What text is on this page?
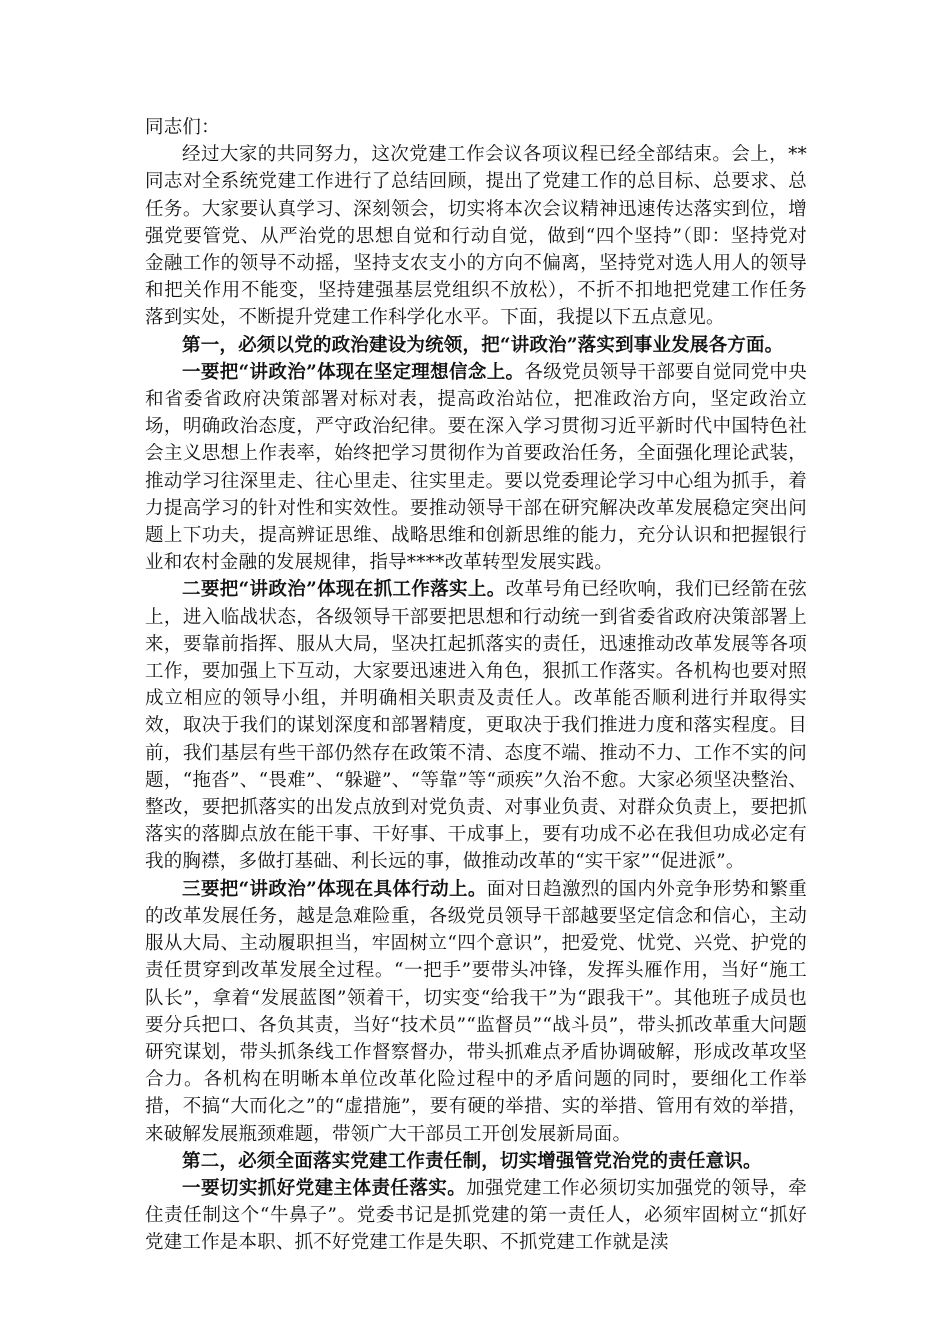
同志们：

经过大家的共同努力，这次党建工作会议各项议程已经全部结束。会上，**同志对全系统党建工作进行了总结回顾，提出了党建工作的总目标、总要求、总任务。大家要认真学习、深刻领会，切实将本次会议精神迅速传达落实到位，增强党要管党、从严治党的思想自觉和行动自觉，做到“四个坚持”（即：坚持党对金融工作的领导不动摇，坚持支农支小的方向不偏离，坚持党对选人用人的领导和把关作用不能变，坚持建强基层党组织不放松），不折不扣地把党建工作任务落到实处，不断提升党建工作科学化水平。下面，我提以下五点意见。

第一，必须以党的政治建设为统领，把“讲政治”落实到事业发展各方面。

一要把“讲政治”体现在坚定理想信念上。各级党员领导干部要自觉同党中央和省委省政府决策部署对标对表，提高政治站位，把准政治方向，坚定政治立场，明确政治态度，严守政治纪律。要在深入学习贯彻习近平新时代中国特色社会主义思想上作表率，始终把学习贯彻作为首要政治任务，全面强化理论武装，推动学习往深里走、往心里走、往实里走。要以党委理论学习中心组为抓手，着力提高学习的针对性和实效性。要推动领导干部在研究解决改革发展稳定突出问题上下功夫，提高辨证思维、战略思维和创新思维的能力，充分认识和把握银行业和农村金融的发展规律，指导****改革转型发展实践。

二要把“讲政治”体现在抓工作落实上。改革号角已经吹响，我们已经箭在弦上，进入临战状态，各级领导干部要把思想和行动统一到省委省政府决策部署上来，要靠前指挥、服从大局，坚决扛起抓落实的责任，迅速推动改革发展等各项工作，要加强上下互动，大家要迅速进入角色，狠抓工作落实。各机构也要对照成立相应的领导小组，并明确相关职责及责任人。改革能否顺利进行并取得实效，取决于我们的谋划深度和部署精度，更取决于我们推进力度和落实程度。目前，我们基层有些干部仍然存在政策不清、态度不端、推动不力、工作不实的问题，“拖沓”、“畏难”、“躲避”、“等靠”等“顽疾”久治不愈。大家必须坚决整治、整改，要把抓落实的出发点放到对党负责、对事业负责、对群众负责上，要把抓落实的落脚点放在能干事、干好事、干成事上，要有功成不必在我但功成必定有我的胸襟，多做打基础、利长远的事，做推动改革的“实干家”“促进派”。

三要把“讲政治”体现在具体行动上。面对日趋激烈的国内外竞争形势和繁重的改革发展任务，越是急难险重，各级党员领导干部越要坚定信念和信心，主动服从大局、主动履职担当，牢固树立“四个意识”，把爱党、忧党、兴党、护党的责任贯穿到改革发展全过程。“一把手”要带头冲锋，发挥头雁作用，当好“施工队长”，拿着“发展蓝图”领着干，切实变“给我干”为“跟我干”。其他班子成员也要分兵把口、各负其责，当好“技术员”“监督员”“战斗员”，带头抓改革重大问题研究谋划，带头抓条线工作督察督办，带头抓难点矛盾协调破解，形成改革攻坚合力。各机构在明晰本单位改革化险过程中的矛盾问题的同时，要细化工作举措，不搞“大而化之”的“虚措施”，要有硬的举措、实的举措、管用有效的举措，来破解发展瓶颈难题，带领广大干部员工开创发展新局面。

第二，必须全面落实党建工作责任制，切实增强管党治党的责任意识。

一要切实抓好党建主体责任落实。加强党建工作必须切实加强党的领导，牵住责任制这个“牛鼻子”。党委书记是抓党建的第一责任人，必须牢固树立“抓好党建工作是本职、抓不好党建工作是失职、不抓党建工作就是渎
